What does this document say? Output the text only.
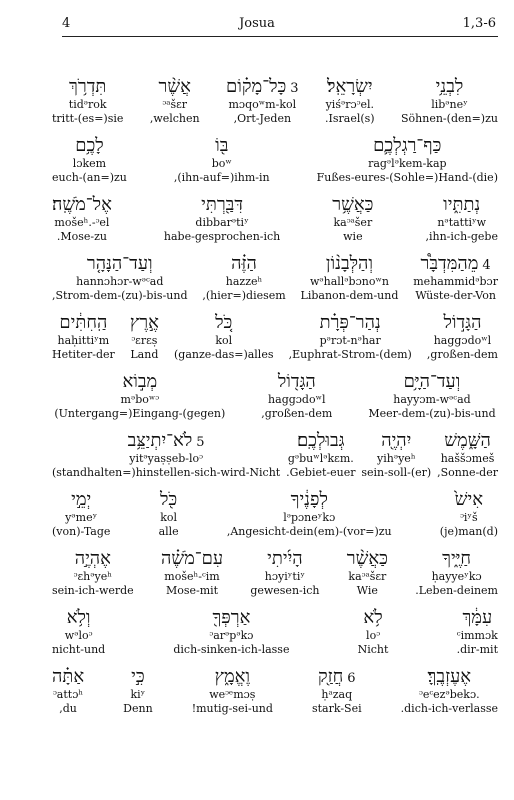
4	Josua	1,3-6
תִּדְרֹ֥ךְ
tidᵊrok
tritt-(es=)sie
אֲשֶׁ֨ר
ᵓᵃšɛr
,welchen
כָּל־מָק֗וֹם 3
mɔqoʷm-kol
,Ort-Jeden
יִשְׂרָאֵֽל׃
yiśᵊrɔᵓel.
.Israel(s)
לִבְנֵ֥י
libᵊneʸ
Söhnen-(den=)zu
לָכֶ֥ם
lɔkem
euch-(an=)zu
בּ֖וֹ
boʷ
,(ihn-auf=)ihm-in
כַּף־רַגְלְכֶ֛ם
ragᵊlᵊkem-kap
Fußes-eures-(Sohle=)Hand-(die)
אֶל־מֹשֶֽׁה׃
mošeʰ.-ᵓel
.Mose-zu
דִּבַּ֖רְתִּי
dibbarᵊtiʸ
habe-gesprochen-ich
כַּאֲשֶׁ֥ר
kaᵓᵃšer
wie
נְתַתִּ֑יו
nᵊtattiʸw
,ihn-ich-gebe
וְעַד־הַנָּהָ֤ר
hannɔhɔr-wᵊᶜad
,Strom-dem-(zu)-bis-und
הַזֶּ֗ה
hazzeʰ
,(hier=)diesem
וְהַלְּבָנ֨וֹן
wᵊhallᵊbɔnoʷn
Libanon-dem-und
מֵהַמִּדְבָּ֩ר 4
mehammidᵊbɔr
Wüste-der-Von
הַֽחִתִּ֔ים
haḥittiʸm
Hetiter-der
אֶ֣רֶץ
ᵓɛrɛṣ
Land
כֹּ֚ל
kol
(ganze-das=)alles
נְהַר־פְּרָ֗ת
pᵊrɔt-nᵊhar
,Euphrat-Strom-(dem)
הַגָּד֣וֹל
haggɔdoʷl
,großen-dem
מְב֣וֹא
mᵊboʷᵓ
(Untergang=)Eingang-(gegen)
הַגָּד֖וֹל
haggɔdoʷl
,großen-dem
וְעַד־הַיָּ֥ם
hayyɔm-wᵊᶜad
Meer-dem-(zu)-bis-und
לֹא־יִתְיַצֵּ֥ב 5
yitᵊyaṣṣeb-loᵓ
(standhalten=)hinstellen-sich-wird-Nicht
גְּבוּלְכֶֽם׃
gᵊbuʷlᵊkɛm.
.Gebiet-euer
יִהְיֶ֖ה
yihᵊyeʰ
sein-soll-(er)
הַשָּׁ֑מֶשׁ
haššɔmeš
,Sonne-der
יְמֵ֣י
yᵊmeʸ
(von)-Tage
כֹּ֖ל
kol
alle
לְפָנֶ֔יךָ
lᵊpɔneʸkɔ
,Angesicht-dein(em)-(vor=)zu
אִישׁ֙
ᵓiʸš
(je)man(d)
אֶהְיֶ֣ה
ᵓɛhᵊyeʰ
sein-ich-werde
עִם־מֹשֶׁ֗ה
mošeʰ-ᶜim
Mose-mit
הָיִ֜יתִי
hɔyiʸtiʸ
gewesen-ich
כַּאֲשֶׁ֨ר
kaᵓᵃšɛr
Wie
חַיֶּ֑יךָ
ḥayyeʸkɔ
.Leben-deinem
וְלֹ֥א
wᵊloᵓ
nicht-und
אַרְפְּךָ֖
ᵓarᵊpᵊkɔ
dich-sinken-ich-lasse
לֹ֥א
loᵓ
Nicht
עִמָּ֔ךְ
ᶜimmɔk
.dir-mit
אַתָּ֗ה
ᵓattɔʰ
,du
כִּ֣י
kiʸ
Denn
וֶאֱמָ֑ץ
weᵓᵉmɔṣ
!mutig-sei-und
חֲזַ֖ק 6
ḥᵃzaq
stark-Sei
אֶעֶזְבֶֽךָּ׃
ᵓeᶜezᵊbekɔ.
.dich-ich-verlasse
